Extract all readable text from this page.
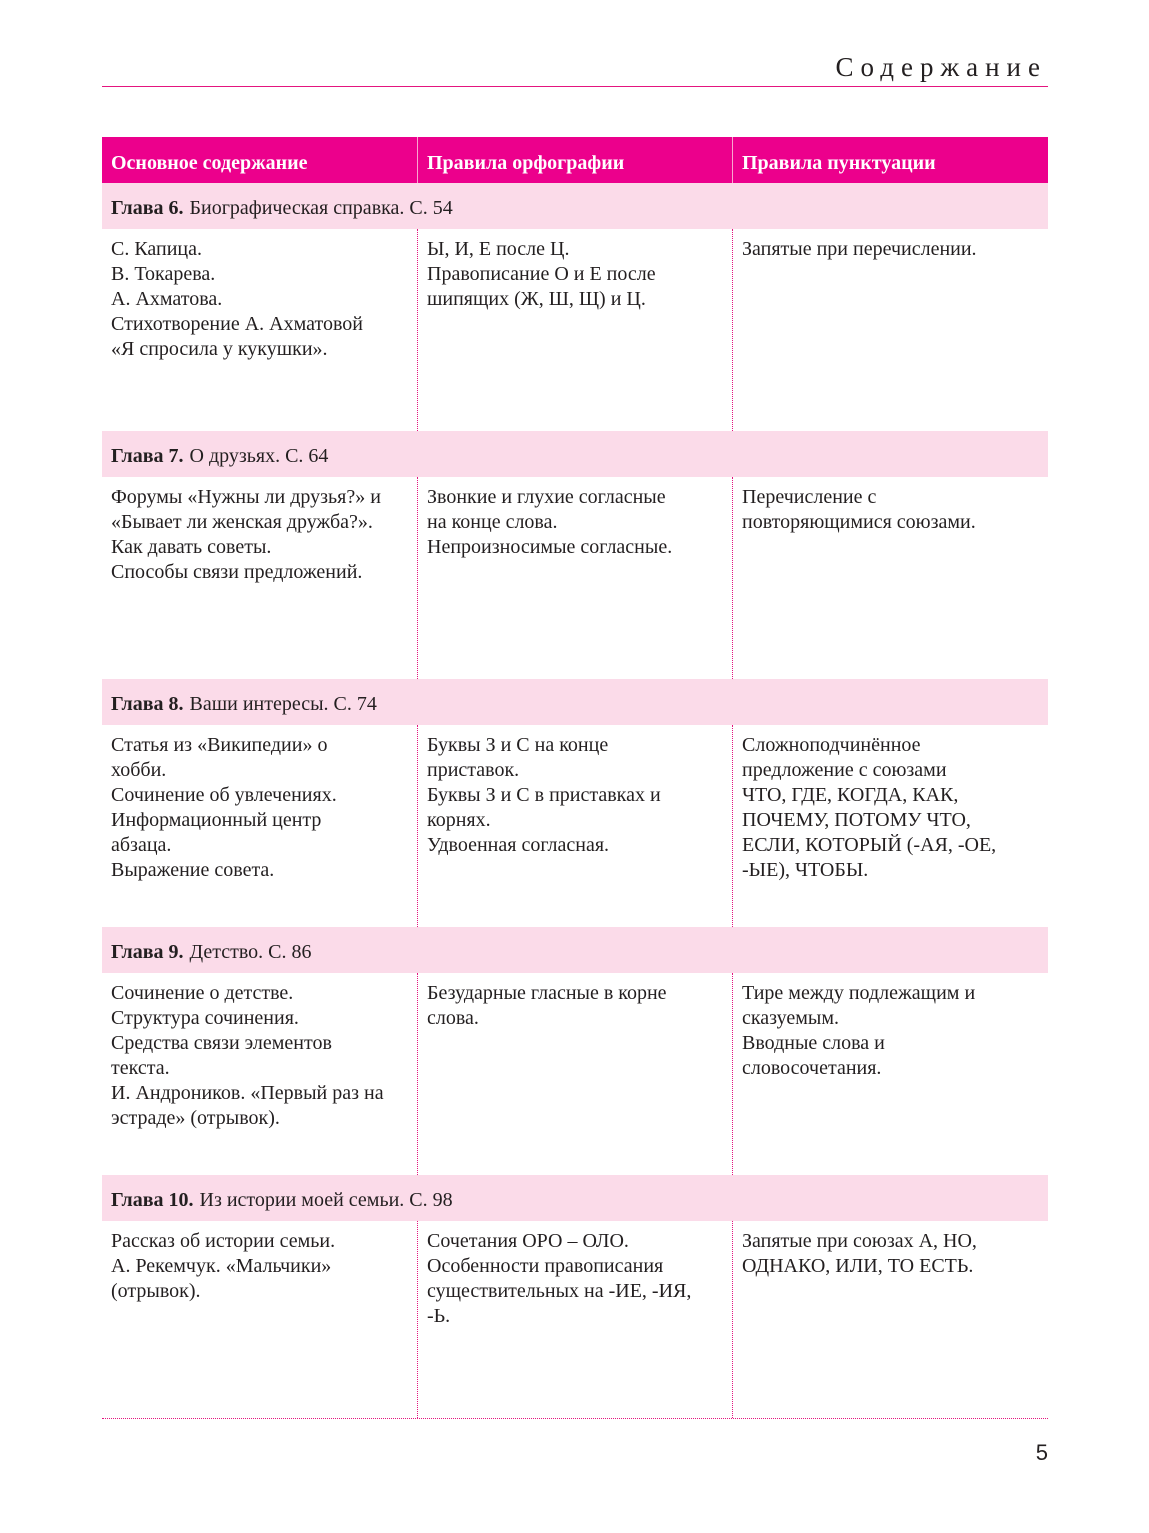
Содержание
Основное содержание	Правила орфографии	Правила пунктуации
Глава 6. Биографическая справка. С. 54
С. Капица.
В. Токарева.
А. Ахматова.
Стихотворение А. Ахматовой
«Я спросила у кукушки».
Ы, И, Е после Ц.
Правописание О и Е после
шипящих (Ж, Ш, Щ) и Ц.
Запятые при перечислении.
Глава 7. О друзьях. С. 64
Форумы «Нужны ли друзья?» и
«Бывает ли женская дружба?».
Как давать советы.
Способы связи предложений.
Звонкие и глухие согласные
на конце слова.
Непроизносимые согласные.
Перечисление с
повторяющимися союзами.
Глава 8. Ваши интересы. С. 74
Статья из «Википедии» о
хобби.
Сочинение об увлечениях.
Информационный центр
абзаца.
Выражение совета.
Буквы З и С на конце
приставок.
Буквы З и С в приставках и
корнях.
Удвоенная согласная.
Сложноподчинённое
предложение с союзами
ЧТО, ГДЕ, КОГДА, КАК,
ПОЧЕМУ, ПОТОМУ ЧТО,
ЕСЛИ, КОТОРЫЙ (-АЯ, -ОЕ,
-ЫЕ), ЧТОБЫ.
Глава 9. Детство. С. 86
Сочинение о детстве.
Структура сочинения.
Средства связи элементов
текста.
И. Андроников. «Первый раз на
эстраде» (отрывок).
Безударные гласные в корне
слова.
Тире между подлежащим и
сказуемым.
Вводные слова и
словосочетания.
Глава 10. Из истории моей семьи. С. 98
Рассказ об истории семьи.
А. Рекемчук. «Мальчики»
(отрывок).
Сочетания ОРО – ОЛО.
Особенности правописания
существительных на -ИЕ, -ИЯ,
-Ь.
Запятые при союзах А, НО,
ОДНАКО, ИЛИ, ТО ЕСТЬ.
5
